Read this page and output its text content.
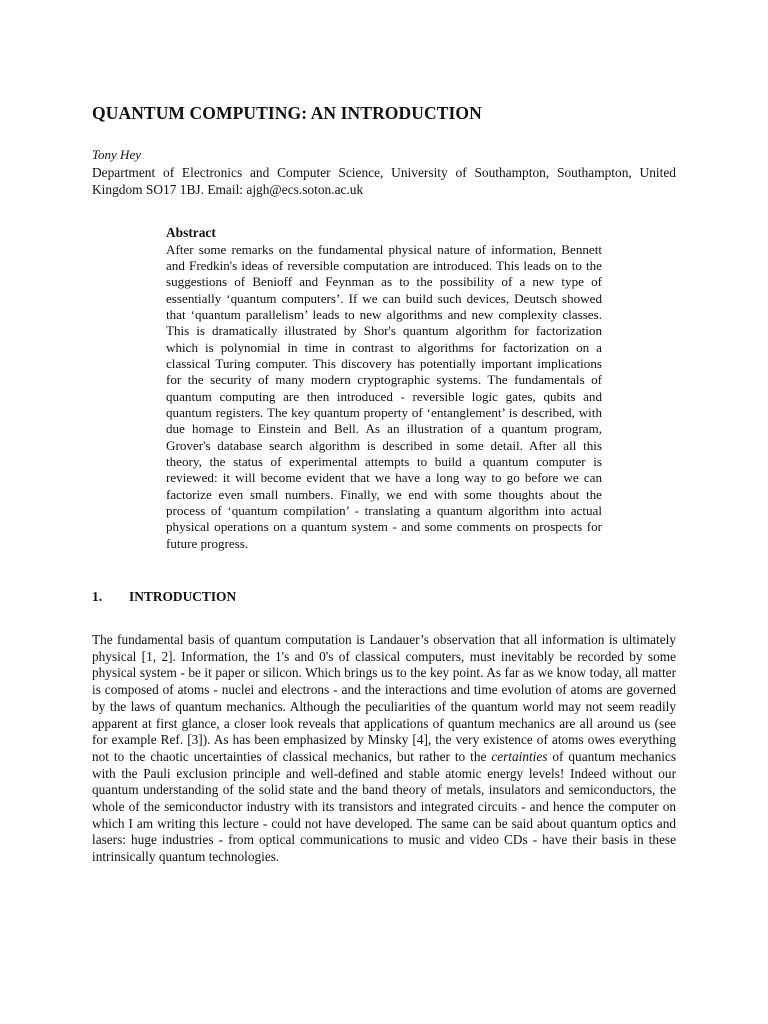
QUANTUM COMPUTING: AN INTRODUCTION

Tony Hey

Department of Electronics and Computer Science, University of Southampton, Southampton, United Kingdom SO17 1BJ. Email: ajgh@ecs.soton.ac.uk

Abstract

After some remarks on the fundamental physical nature of information, Bennett and Fredkin's ideas of reversible computation are introduced. This leads on to the suggestions of Benioff and Feynman as to the possibility of a new type of essentially ‘quantum computers’. If we can build such devices, Deutsch showed that ‘quantum parallelism’ leads to new algorithms and new complexity classes. This is dramatically illustrated by Shor's quantum algorithm for factorization which is polynomial in time in contrast to algorithms for factorization on a classical Turing computer. This discovery has potentially important implications for the security of many modern cryptographic systems. The fundamentals of quantum computing are then introduced - reversible logic gates, qubits and quantum registers. The key quantum property of ‘entanglement’ is described, with due homage to Einstein and Bell. As an illustration of a quantum program, Grover's database search algorithm is described in some detail. After all this theory, the status of experimental attempts to build a quantum computer is reviewed: it will become evident that we have a long way to go before we can factorize even small numbers. Finally, we end with some thoughts about the process of ‘quantum compilation’ - translating a quantum algorithm into actual physical operations on a quantum system - and some comments on prospects for future progress.

1. INTRODUCTION

The fundamental basis of quantum computation is Landauer’s observation that all information is ultimately physical [1, 2]. Information, the 1's and 0's of classical computers, must inevitably be recorded by some physical system - be it paper or silicon. Which brings us to the key point. As far as we know today, all matter is composed of atoms - nuclei and electrons - and the interactions and time evolution of atoms are governed by the laws of quantum mechanics. Although the peculiarities of the quantum world may not seem readily apparent at first glance, a closer look reveals that applications of quantum mechanics are all around us (see for example Ref. [3]). As has been emphasized by Minsky [4], the very existence of atoms owes everything not to the chaotic uncertainties of classical mechanics, but rather to the certainties of quantum mechanics with the Pauli exclusion principle and well-defined and stable atomic energy levels! Indeed without our quantum understanding of the solid state and the band theory of metals, insulators and semiconductors, the whole of the semiconductor industry with its transistors and integrated circuits - and hence the computer on which I am writing this lecture - could not have developed. The same can be said about quantum optics and lasers: huge industries - from optical communications to music and video CDs - have their basis in these intrinsically quantum technologies.
